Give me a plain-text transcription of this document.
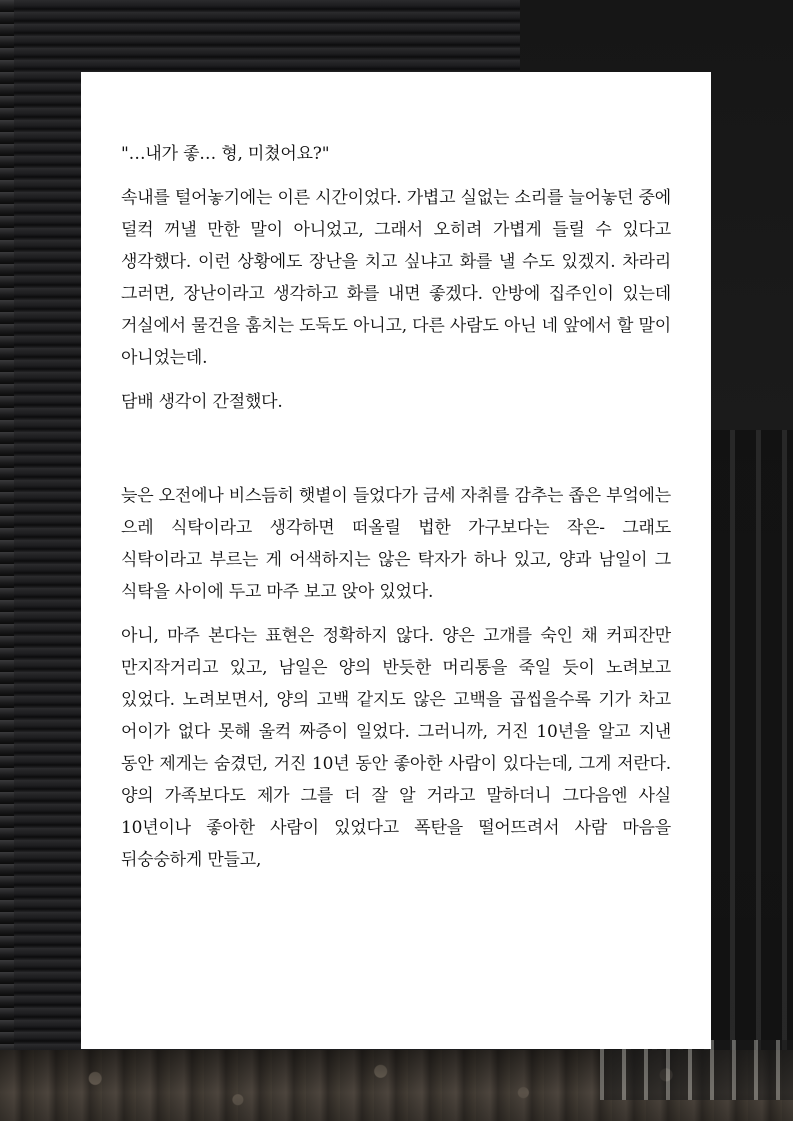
"…내가 좋… 형, 미쳤어요?"

속내를 털어놓기에는 이른 시간이었다. 가볍고 실없는 소리를 늘어놓던 중에 덜컥 꺼낼 만한 말이 아니었고, 그래서 오히려 가볍게 들릴 수 있다고 생각했다. 이런 상황에도 장난을 치고 싶냐고 화를 낼 수도 있겠지. 차라리 그러면, 장난이라고 생각하고 화를 내면 좋겠다. 안방에 집주인이 있는데 거실에서 물건을 훔치는 도둑도 아니고, 다른 사람도 아닌 네 앞에서 할 말이 아니었는데.

담배 생각이 간절했다.

늦은 오전에나 비스듬히 햇볕이 들었다가 금세 자취를 감추는 좁은 부엌에는 으레 식탁이라고 생각하면 떠올릴 법한 가구보다는 작은- 그래도 식탁이라고 부르는 게 어색하지는 않은 탁자가 하나 있고, 양과 남일이 그 식탁을 사이에 두고 마주 보고 앉아 있었다.

아니, 마주 본다는 표현은 정확하지 않다. 양은 고개를 숙인 채 커피잔만 만지작거리고 있고, 남일은 양의 반듯한 머리통을 죽일 듯이 노려보고 있었다. 노려보면서, 양의 고백 같지도 않은 고백을 곱씹을수록 기가 차고 어이가 없다 못해 울컥 짜증이 일었다. 그러니까, 거진 10년을 알고 지낸 동안 제게는 숨겼던, 거진 10년 동안 좋아한 사람이 있다는데, 그게 저란다. 양의 가족보다도 제가 그를 더 잘 알 거라고 말하더니 그다음엔 사실 10년이나 좋아한 사람이 있었다고 폭탄을 떨어뜨려서 사람 마음을 뒤숭숭하게 만들고,
